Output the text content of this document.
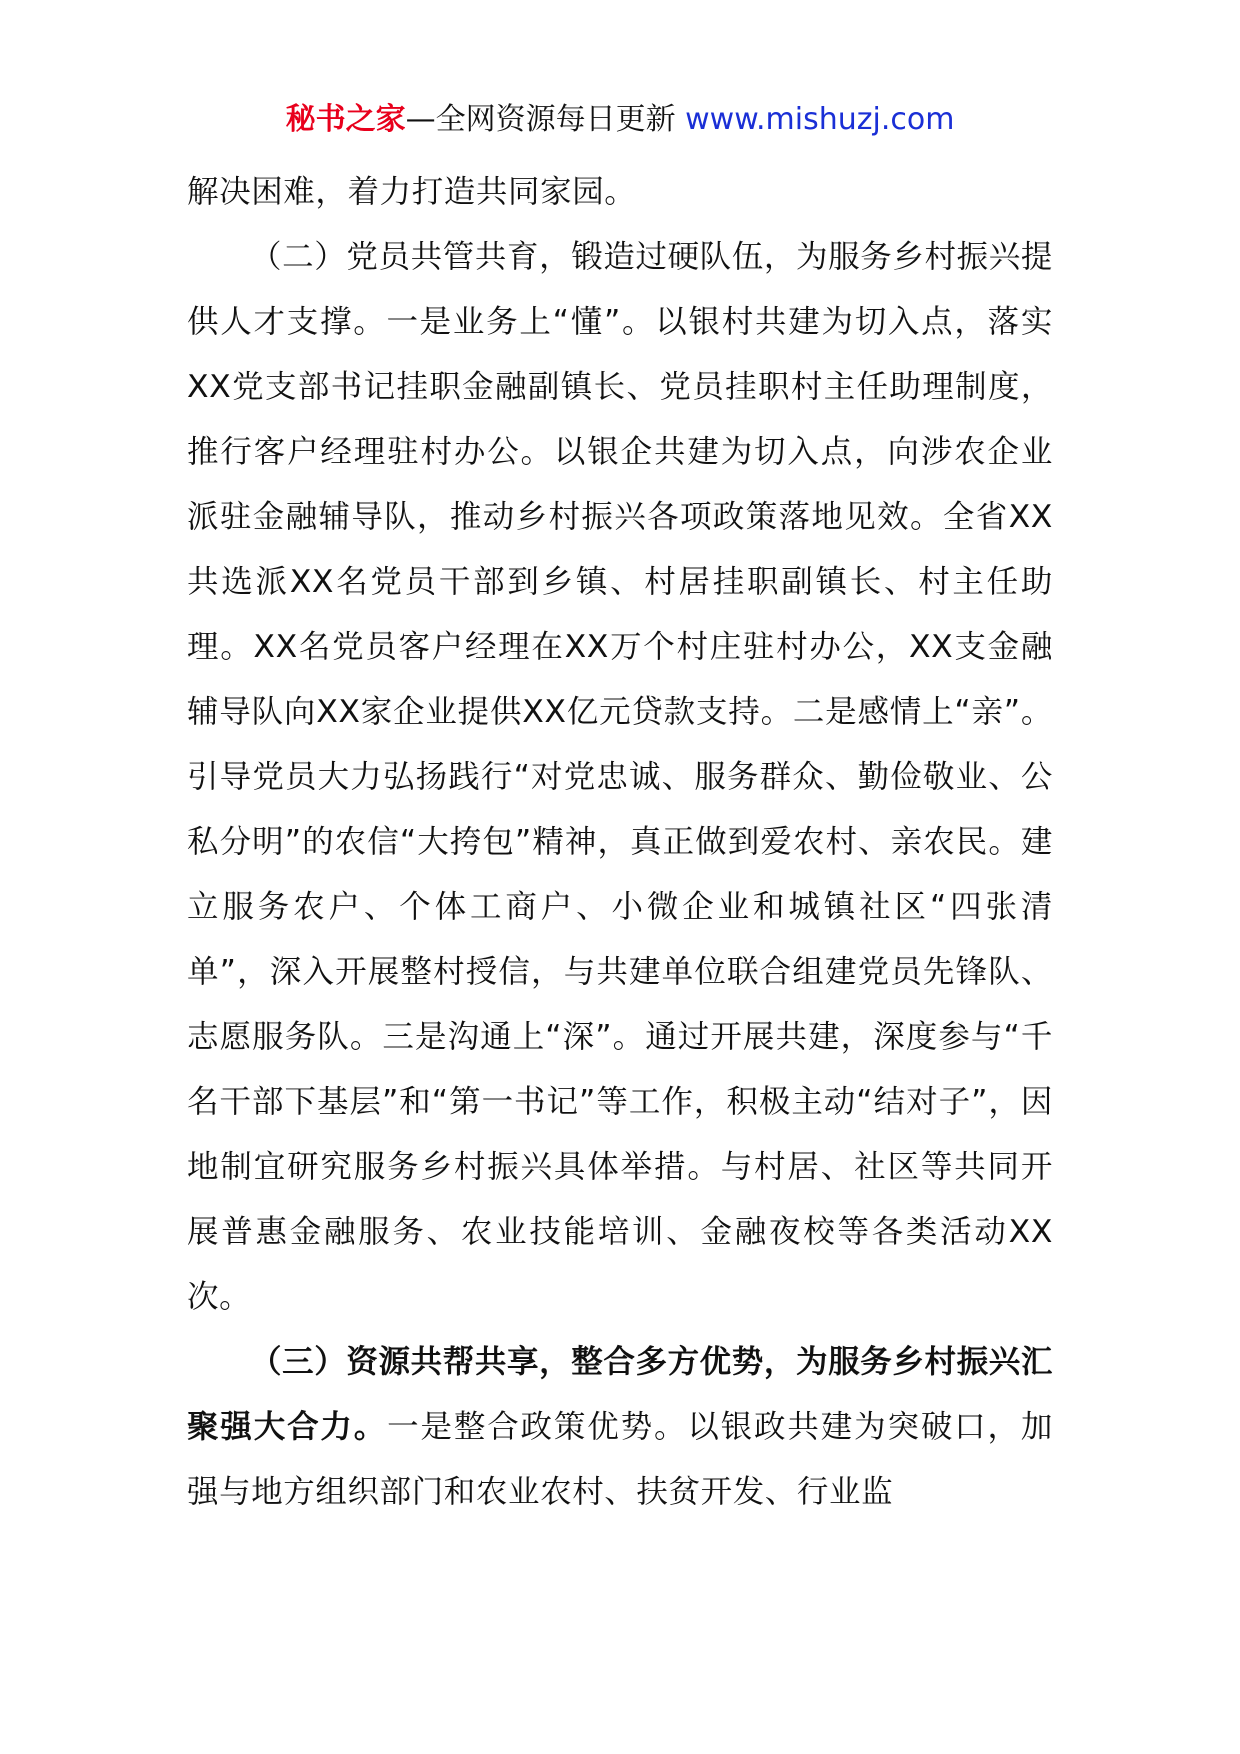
秘书之家—全网资源每日更新 www.mishuzj.com

解决困难，着力打造共同家园。

（二）党员共管共育，锻造过硬队伍，为服务乡村振兴提供人才支撑。一是业务上“懂”。以银村共建为切入点，落实XX党支部书记挂职金融副镇长、党员挂职村主任助理制度，推行客户经理驻村办公。以银企共建为切入点，向涉农企业派驻金融辅导队，推动乡村振兴各项政策落地见效。全省XX共选派XX名党员干部到乡镇、村居挂职副镇长、村主任助理。XX名党员客户经理在XX万个村庄驻村办公，XX支金融辅导队向XX家企业提供XX亿元贷款支持。二是感情上“亲”。引导党员大力弘扬践行“对党忠诚、服务群众、勤俭敬业、公私分明”的农信“大挎包”精神，真正做到爱农村、亲农民。建立服务农户、个体工商户、小微企业和城镇社区“四张清单”，深入开展整村授信，与共建单位联合组建党员先锋队、志愿服务队。三是沟通上“深”。通过开展共建，深度参与“千名干部下基层”和“第一书记”等工作，积极主动“结对子”，因地制宜研究服务乡村振兴具体举措。与村居、社区等共同开展普惠金融服务、农业技能培训、金融夜校等各类活动XX次。

（三）资源共帮共享，整合多方优势，为服务乡村振兴汇聚强大合力。一是整合政策优势。以银政共建为突破口，加强与地方组织部门和农业农村、扶贫开发、行业监
